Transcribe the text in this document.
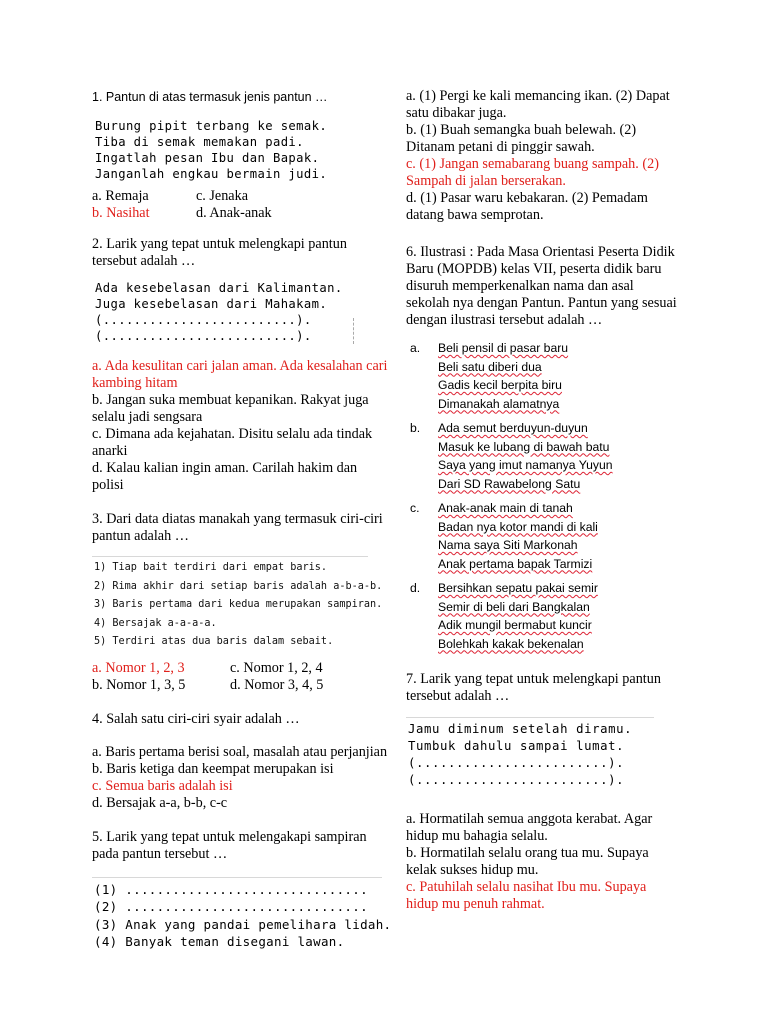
1. Pantun di atas termasuk jenis pantun …

Burung pipit terbang ke semak.

Tiba di semak memakan padi.

Ingatlah pesan Ibu dan Bapak.

Janganlah engkau bermain judi.

a. Remaja	c. Jenaka
b. Nasihat	d. Anak-anak

2. Larik yang tepat untuk melengkapi pantun tersebut adalah …

Ada kesebelasan dari Kalimantan.

Juga kesebelasan dari Mahakam.

(.........................).

(.........................).

a. Ada kesulitan cari jalan aman. Ada kesalahan cari kambing hitam

b. Jangan suka membuat kepanikan. Rakyat juga selalu jadi sengsara

c. Dimana ada kejahatan. Disitu selalu ada tindak anarki

d. Kalau kalian ingin aman. Carilah hakim dan polisi

3. Dari data diatas manakah yang termasuk ciri-ciri pantun adalah …

1) Tiap bait terdiri dari empat baris.

2) Rima akhir dari setiap baris adalah a-b-a-b.

3) Baris pertama dari kedua merupakan sampiran.

4) Bersajak a-a-a-a.

5) Terdiri atas dua baris dalam sebait.

a. Nomor 1, 2, 3	c. Nomor 1, 2, 4
b. Nomor 1, 3, 5	d. Nomor 3, 4, 5

4. Salah satu ciri-ciri syair adalah …

a. Baris pertama berisi soal, masalah atau perjanjian

b. Baris ketiga dan keempat merupakan isi

c. Semua baris adalah isi

d. Bersajak a-a, b-b, c-c

5. Larik yang tepat untuk melengakapi sampiran pada pantun tersebut …

(1) ...............................

(2) ...............................

(3) Anak yang pandai pemelihara lidah.

(4) Banyak teman disegani lawan.

a. (1) Pergi ke kali memancing ikan. (2) Dapat satu dibakar juga.

b. (1) Buah semangka buah belewah. (2) Ditanam petani di pinggir sawah.

c. (1) Jangan semabarang buang sampah. (2) Sampah di jalan berserakan.

d. (1) Pasar waru kebakaran. (2) Pemadam datang bawa semprotan.

6. Ilustrasi : Pada Masa Orientasi Peserta Didik Baru (MOPDB) kelas VII, peserta didik baru disuruh memperkenalkan nama dan asal sekolah nya dengan Pantun. Pantun yang sesuai dengan ilustrasi tersebut adalah …

a.	Beli pensil di pasar baru
Beli satu diberi dua
Gadis kecil berpita biru
Dimanakah alamatnya
b.	Ada semut berduyun-duyun
Masuk ke lubang di bawah batu
Saya yang imut namanya Yuyun
Dari SD Rawabelong Satu
c.	Anak-anak main di tanah
Badan nya kotor mandi di kali
Nama saya Siti Markonah
Anak pertama bapak Tarmizi
d.	Bersihkan sepatu pakai semir
Semir di beli dari Bangkalan
Adik mungil bermabut kuncir
Bolehkah kakak bekenalan

7. Larik yang tepat untuk melengkapi pantun tersebut adalah …

Jamu diminum setelah diramu.

Tumbuk dahulu sampai lumat.

(........................).

(........................).

a. Hormatilah semua anggota kerabat. Agar hidup mu bahagia selalu.

b. Hormatilah selalu orang tua mu. Supaya kelak sukses hidup mu.

c. Patuhilah selalu nasihat Ibu mu. Supaya hidup mu penuh rahmat.
